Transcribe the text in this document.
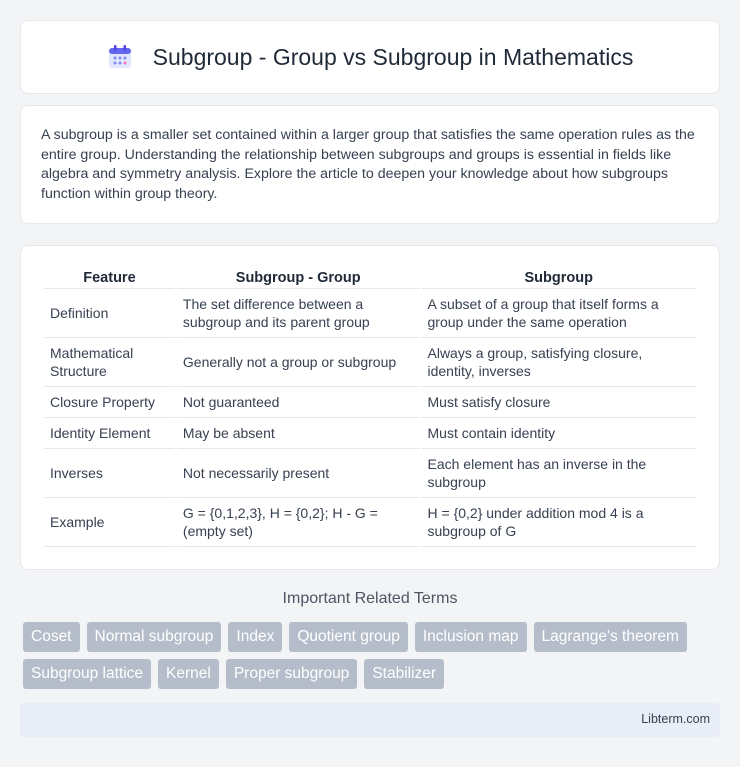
Subgroup - Group vs Subgroup in Mathematics

A subgroup is a smaller set contained within a larger group that satisfies the same operation rules as the entire group. Understanding the relationship between subgroups and groups is essential in fields like algebra and symmetry analysis. Explore the article to deepen your knowledge about how subgroups function within group theory.

Feature	Subgroup - Group	Subgroup
Definition	The set difference between a subgroup and its parent group	A subset of a group that itself forms a group under the same operation
Mathematical Structure	Generally not a group or subgroup	Always a group, satisfying closure, identity, inverses
Closure Property	Not guaranteed	Must satisfy closure
Identity Element	May be absent	Must contain identity
Inverses	Not necessarily present	Each element has an inverse in the subgroup
Example	G = {0,1,2,3}, H = {0,2}; H - G = (empty set)	H = {0,2} under addition mod 4 is a subgroup of G
Important Related Terms
Coset	Normal subgroup	Index	Quotient group	Inclusion map	Lagrange's theorem
Subgroup lattice	Kernel	Proper subgroup	Stabilizer
Libterm.com
